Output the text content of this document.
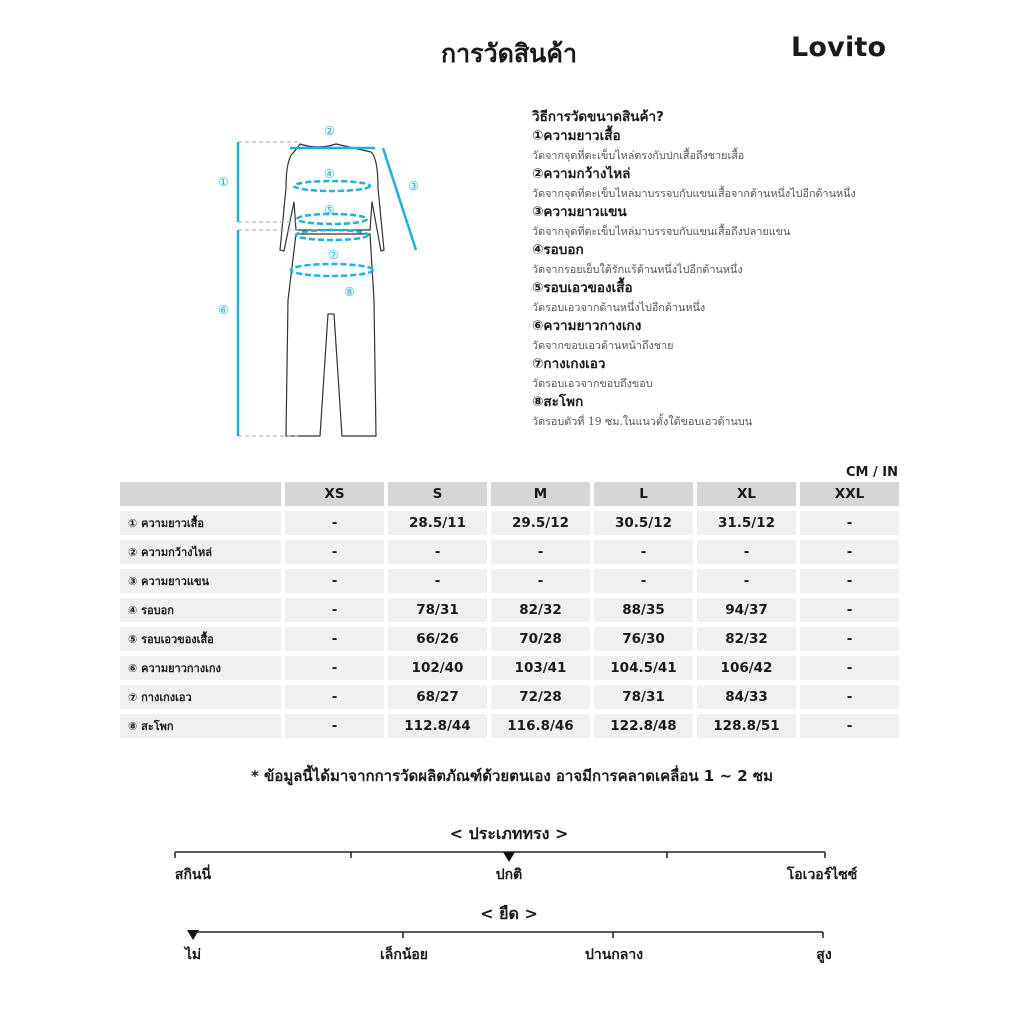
การวัดสินค้า	Lovito
①
②
③
④
⑤
⑥
⑦
⑧
วิธีการวัดขนาดสินค้า?
①ความยาวเสื้อ
วัดจากจุดที่ตะเข็บไหล่ตรงกับปกเสื้อถึงชายเสื้อ
②ความกว้างไหล่
วัดจากจุดที่ตะเข็บไหล่มาบรรจบกับแขนเสื้อจากด้านหนึ่งไปอีกด้านหนึ่ง
③ความยาวแขน
วัดจากจุดที่ตะเข็บไหล่มาบรรจบกับแขนเสื้อถึงปลายแขน
④รอบอก
วัดจากรอยเย็บใต้รักแร้ด้านหนึ่งไปอีกด้านหนึ่ง
⑤รอบเอวของเสื้อ
วัดรอบเอวจากด้านหนึ่งไปอีกด้านหนึ่ง
⑥ความยาวกางเกง
วัดจากขอบเอวด้านหน้าถึงชาย
⑦กางเกงเอว
วัดรอบเอวจากขอบถึงขอบ
⑧สะโพก
วัดรอบตัวที่ 19 ซม.ในแนวตั้งใต้ขอบเอวด้านบน
CM / IN
	XS	S	M	L	XL	XXL
① ความยาวเสื้อ	-	28.5/11	29.5/12	30.5/12	31.5/12	-
② ความกว้างไหล่	-	-	-	-	-	-
③ ความยาวแขน	-	-	-	-	-	-
④ รอบอก	-	78/31	82/32	88/35	94/37	-
⑤ รอบเอวของเสื้อ	-	66/26	70/28	76/30	82/32	-
⑥ ความยาวกางเกง	-	102/40	103/41	104.5/41	106/42	-
⑦ กางเกงเอว	-	68/27	72/28	78/31	84/33	-
⑧ สะโพก	-	112.8/44	116.8/46	122.8/48	128.8/51	-
* ข้อมูลนี้ได้มาจากการวัดผลิตภัณฑ์ด้วยตนเอง อาจมีการคลาดเคลื่อน 1 ~ 2 ซม
< ประเภททรง >
สกินนี่	ปกติ	โอเวอร์ไซซ์
< ยืด >
ไม่	เล็กน้อย	ปานกลาง	สูง
